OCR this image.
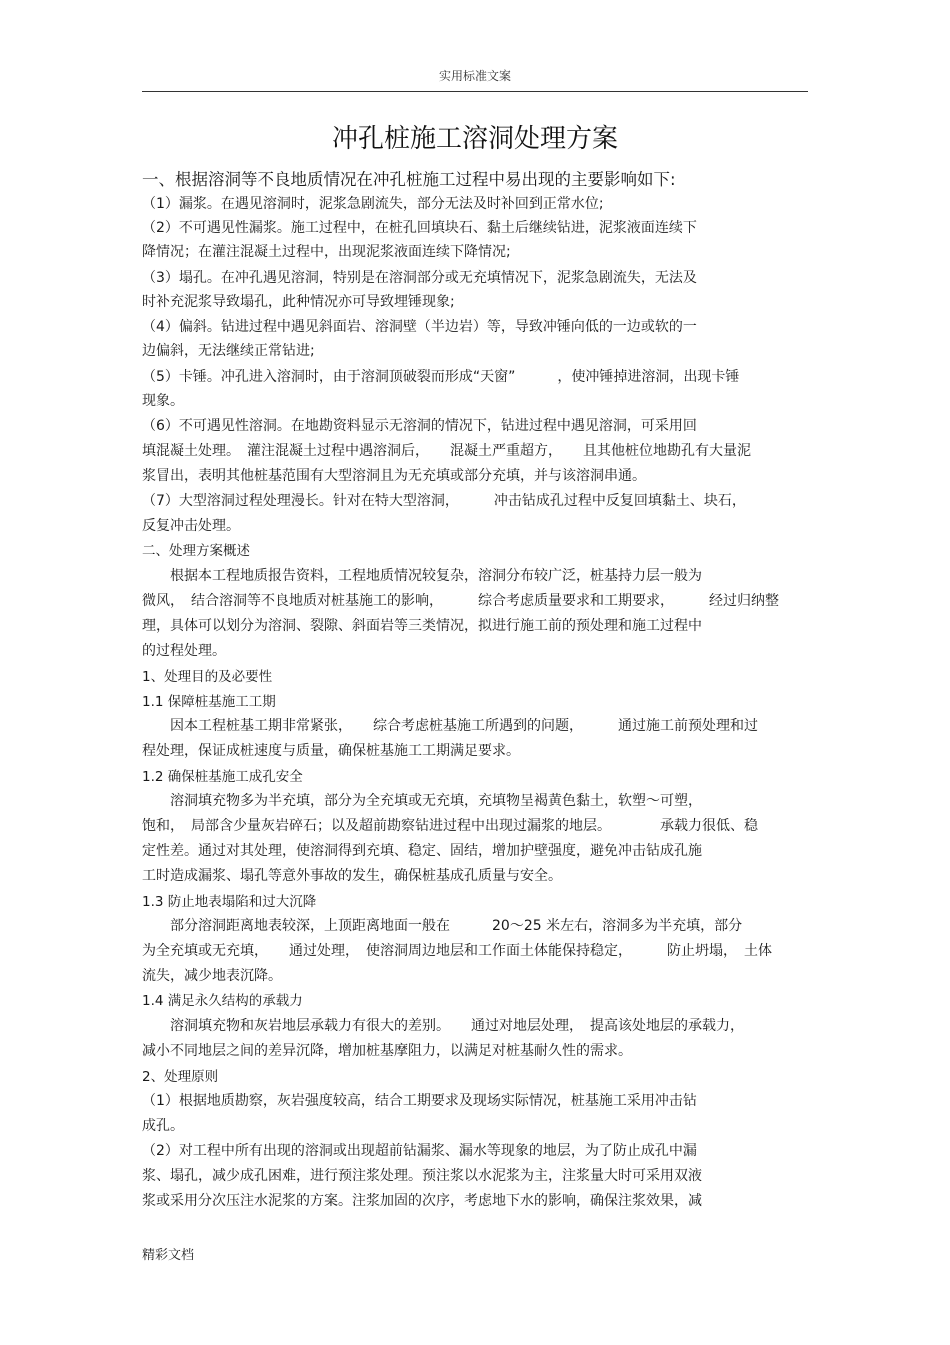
实用标准文案
冲孔桩施工溶洞处理方案
一、根据溶洞等不良地质情况在冲孔桩施工过程中易出现的主要影响如下:
（1）漏浆。在遇见溶洞时，泥浆急剧流失，部分无法及时补回到正常水位;
（2）不可遇见性漏浆。施工过程中，在桩孔回填块石、黏土后继续钻进，泥浆液面连续下
降情况；在灌注混凝土过程中，出现泥浆液面连续下降情况;
（3）塌孔。在冲孔遇见溶洞，特别是在溶洞部分或无充填情况下，泥浆急剧流失，无法及
时补充泥浆导致塌孔，此种情况亦可导致埋锤现象;
（4）偏斜。钻进过程中遇见斜面岩、溶洞壁（半边岩）等，导致冲锤向低的一边或软的一
边偏斜，无法继续正常钻进;
（5）卡锤。冲孔进入溶洞时，由于溶洞顶破裂而形成“天窗”　　　，使冲锤掉进溶洞，出现卡锤
现象。
（6）不可遇见性溶洞。在地勘资料显示无溶洞的情况下，钻进过程中遇见溶洞，可采用回
填混凝土处理。　灌注混凝土过程中遇溶洞后，　　混凝土严重超方，　　且其他桩位地勘孔有大量泥
浆冒出，表明其他桩基范围有大型溶洞且为无充填或部分充填，并与该溶洞串通。
（7）大型溶洞过程处理漫长。针对在特大型溶洞，　　　冲击钻成孔过程中反复回填黏土、块石，
反复冲击处理。
二、处理方案概述
根据本工程地质报告资料，工程地质情况较复杂，溶洞分布较广泛，桩基持力层一般为
微风，　结合溶洞等不良地质对桩基施工的影响，　　　综合考虑质量要求和工期要求，　　　经过归纳整
理，具体可以划分为溶洞、裂隙、斜面岩等三类情况，拟进行施工前的预处理和施工过程中
的过程处理。
1、处理目的及必要性
1.1 保障桩基施工工期
因本工程桩基工期非常紧张，　　综合考虑桩基施工所遇到的问题，　　　通过施工前预处理和过
程处理，保证成桩速度与质量，确保桩基施工工期满足要求。
1.2 确保桩基施工成孔安全
溶洞填充物多为半充填，部分为全充填或无充填，充填物呈褐黄色黏土，软塑～可塑，
饱和，　局部含少量灰岩碎石；以及超前勘察钻进过程中出现过漏浆的地层。　　　　承载力很低、稳
定性差。通过对其处理，使溶洞得到充填、稳定、固结，增加护壁强度，避免冲击钻成孔施
工时造成漏浆、塌孔等意外事故的发生，确保桩基成孔质量与安全。
1.3 防止地表塌陷和过大沉降
部分溶洞距离地表较深，上顶距离地面一般在　　　20～25 米左右，溶洞多为半充填，部分
为全充填或无充填，　　通过处理，　使溶洞周边地层和工作面土体能保持稳定，　　　防止坍塌，　土体
流失，减少地表沉降。
1.4 满足永久结构的承载力
溶洞填充物和灰岩地层承载力有很大的差别。　　通过对地层处理，　提高该处地层的承载力，
减小不同地层之间的差异沉降，增加桩基摩阻力，以满足对桩基耐久性的需求。
2、处理原则
（1）根据地质勘察，灰岩强度较高，结合工期要求及现场实际情况，桩基施工采用冲击钻
成孔。
（2）对工程中所有出现的溶洞或出现超前钻漏浆、漏水等现象的地层，为了防止成孔中漏
浆、塌孔，减少成孔困难，进行预注浆处理。预注浆以水泥浆为主，注浆量大时可采用双液
浆或采用分次压注水泥浆的方案。注浆加固的次序，考虑地下水的影响，确保注浆效果，减
精彩文档
